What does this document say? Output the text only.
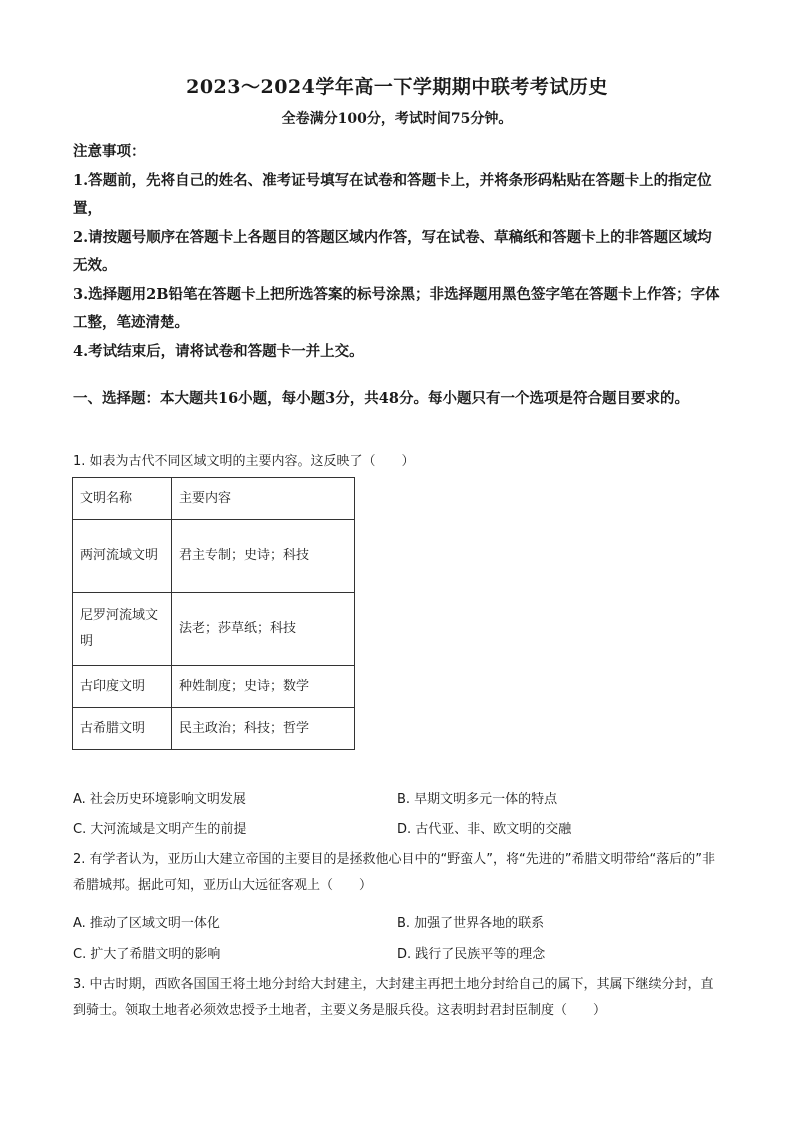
2023～2024学年高一下学期期中联考考试历史
全卷满分100分，考试时间75分钟。

注意事项：

1.答题前，先将自己的姓名、准考证号填写在试卷和答题卡上，并将条形码粘贴在答题卡上的指定位置，

2.请按题号顺序在答题卡上各题目的答题区域内作答，写在试卷、草稿纸和答题卡上的非答题区域均无效。

3.选择题用2B铅笔在答题卡上把所选答案的标号涂黑；非选择题用黑色签字笔在答题卡上作答；字体工整，笔迹清楚。

4.考试结束后，请将试卷和答题卡一并上交。

一、选择题：本大题共16小题，每小题3分，共48分。每小题只有一个选项是符合题目要求的。
1. 如表为古代不同区域文明的主要内容。这反映了（　　）
文明名称	主要内容
两河流域文明	君主专制；史诗；科技
尼罗河流域文明	法老；莎草纸；科技
古印度文明	种姓制度；史诗；数学
古希腊文明	民主政治；科技；哲学
A. 社会历史环境影响文明发展	B. 早期文明多元一体的特点
C. 大河流域是文明产生的前提	D. 古代亚、非、欧文明的交融
2. 有学者认为，亚历山大建立帝国的主要目的是拯救他心目中的“野蛮人”，将“先进的”希腊文明带给“落后的”非希腊城邦。据此可知，亚历山大远征客观上（　　）
A. 推动了区域文明一体化	B. 加强了世界各地的联系
C. 扩大了希腊文明的影响	D. 践行了民族平等的理念
3. 中古时期，西欧各国国王将土地分封给大封建主，大封建主再把土地分封给自己的属下，其属下继续分封，直到骑士。领取土地者必须效忠授予土地者，主要义务是服兵役。这表明封君封臣制度（　　）
